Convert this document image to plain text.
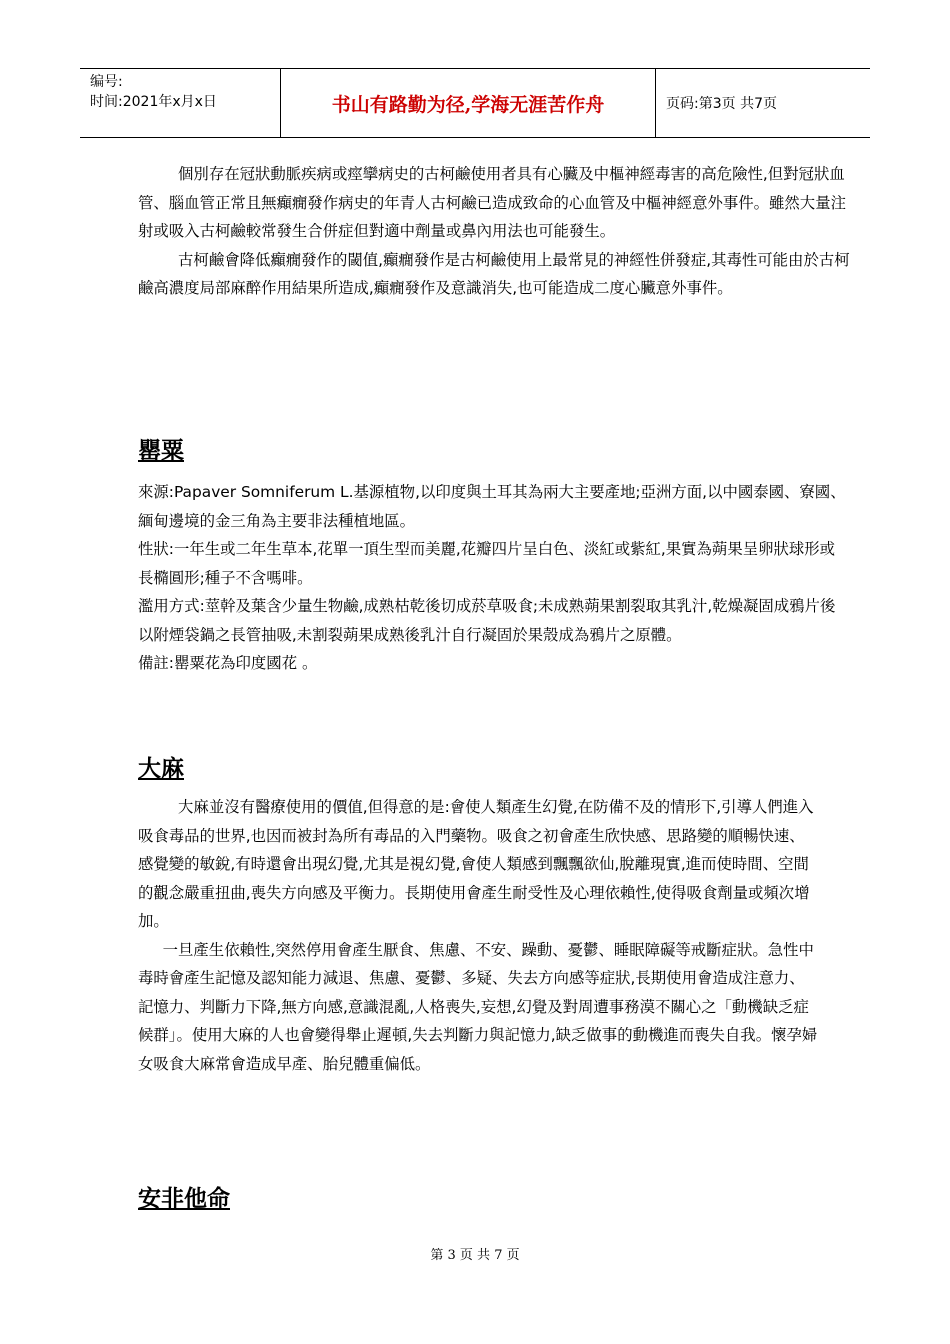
编号:
时间:2021年x月x日	书山有路勤为径,学海无涯苦作舟	页码:第3页 共7页

個別存在冠狀動脈疾病或痙攣病史的古柯鹼使用者具有心臟及中樞神經毒害的高危險性,但對冠狀血管、腦血管正常且無癲癇發作病史的年青人古柯鹼已造成致命的心血管及中樞神經意外事件。雖然大量注射或吸入古柯鹼較常發生合併症但對適中劑量或鼻內用法也可能發生。

古柯鹼會降低癲癇發作的閾值,癲癇發作是古柯鹼使用上最常見的神經性併發症,其毒性可能由於古柯鹼高濃度局部麻醉作用結果所造成,癲癇發作及意識消失,也可能造成二度心臟意外事件。

罌粟

來源:Papaver Somniferum L.基源植物,以印度與土耳其為兩大主要產地;亞洲方面,以中國泰國、寮國、緬甸邊境的金三角為主要非法種植地區。

性狀:一年生或二年生草本,花單一頂生型而美麗,花瓣四片呈白色、淡紅或紫紅,果實為蒴果呈卵狀球形或長橢圓形;種子不含嗎啡。

濫用方式:莖幹及葉含少量生物鹼,成熟枯乾後切成菸草吸食;未成熟蒴果割裂取其乳汁,乾燥凝固成鴉片後以附煙袋鍋之長管抽吸,未割裂蒴果成熟後乳汁自行凝固於果殼成為鴉片之原體。

備註:罌粟花為印度國花 。

大麻

大麻並沒有醫療使用的價值,但得意的是:會使人類產生幻覺,在防備不及的情形下,引導人們進入吸食毒品的世界,也因而被封為所有毒品的入門藥物。吸食之初會產生欣快感、思路變的順暢快速、感覺變的敏銳,有時還會出現幻覺,尤其是視幻覺,會使人類感到飄飄欲仙,脫離現實,進而使時間、空間的觀念嚴重扭曲,喪失方向感及平衡力。長期使用會產生耐受性及心理依賴性,使得吸食劑量或頻次增加。

一旦產生依賴性,突然停用會產生厭食、焦慮、不安、躁動、憂鬱、睡眠障礙等戒斷症狀。急性中毒時會產生記憶及認知能力減退、焦慮、憂鬱、多疑、失去方向感等症狀,長期使用會造成注意力、記憶力、判斷力下降,無方向感,意識混亂,人格喪失,妄想,幻覺及對周遭事務漠不關心之「動機缺乏症候群」。使用大麻的人也會變得舉止遲頓,失去判斷力與記憶力,缺乏做事的動機進而喪失自我。懷孕婦女吸食大麻常會造成早產、胎兒體重偏低。

安非他命
第 3 页 共 7 页
